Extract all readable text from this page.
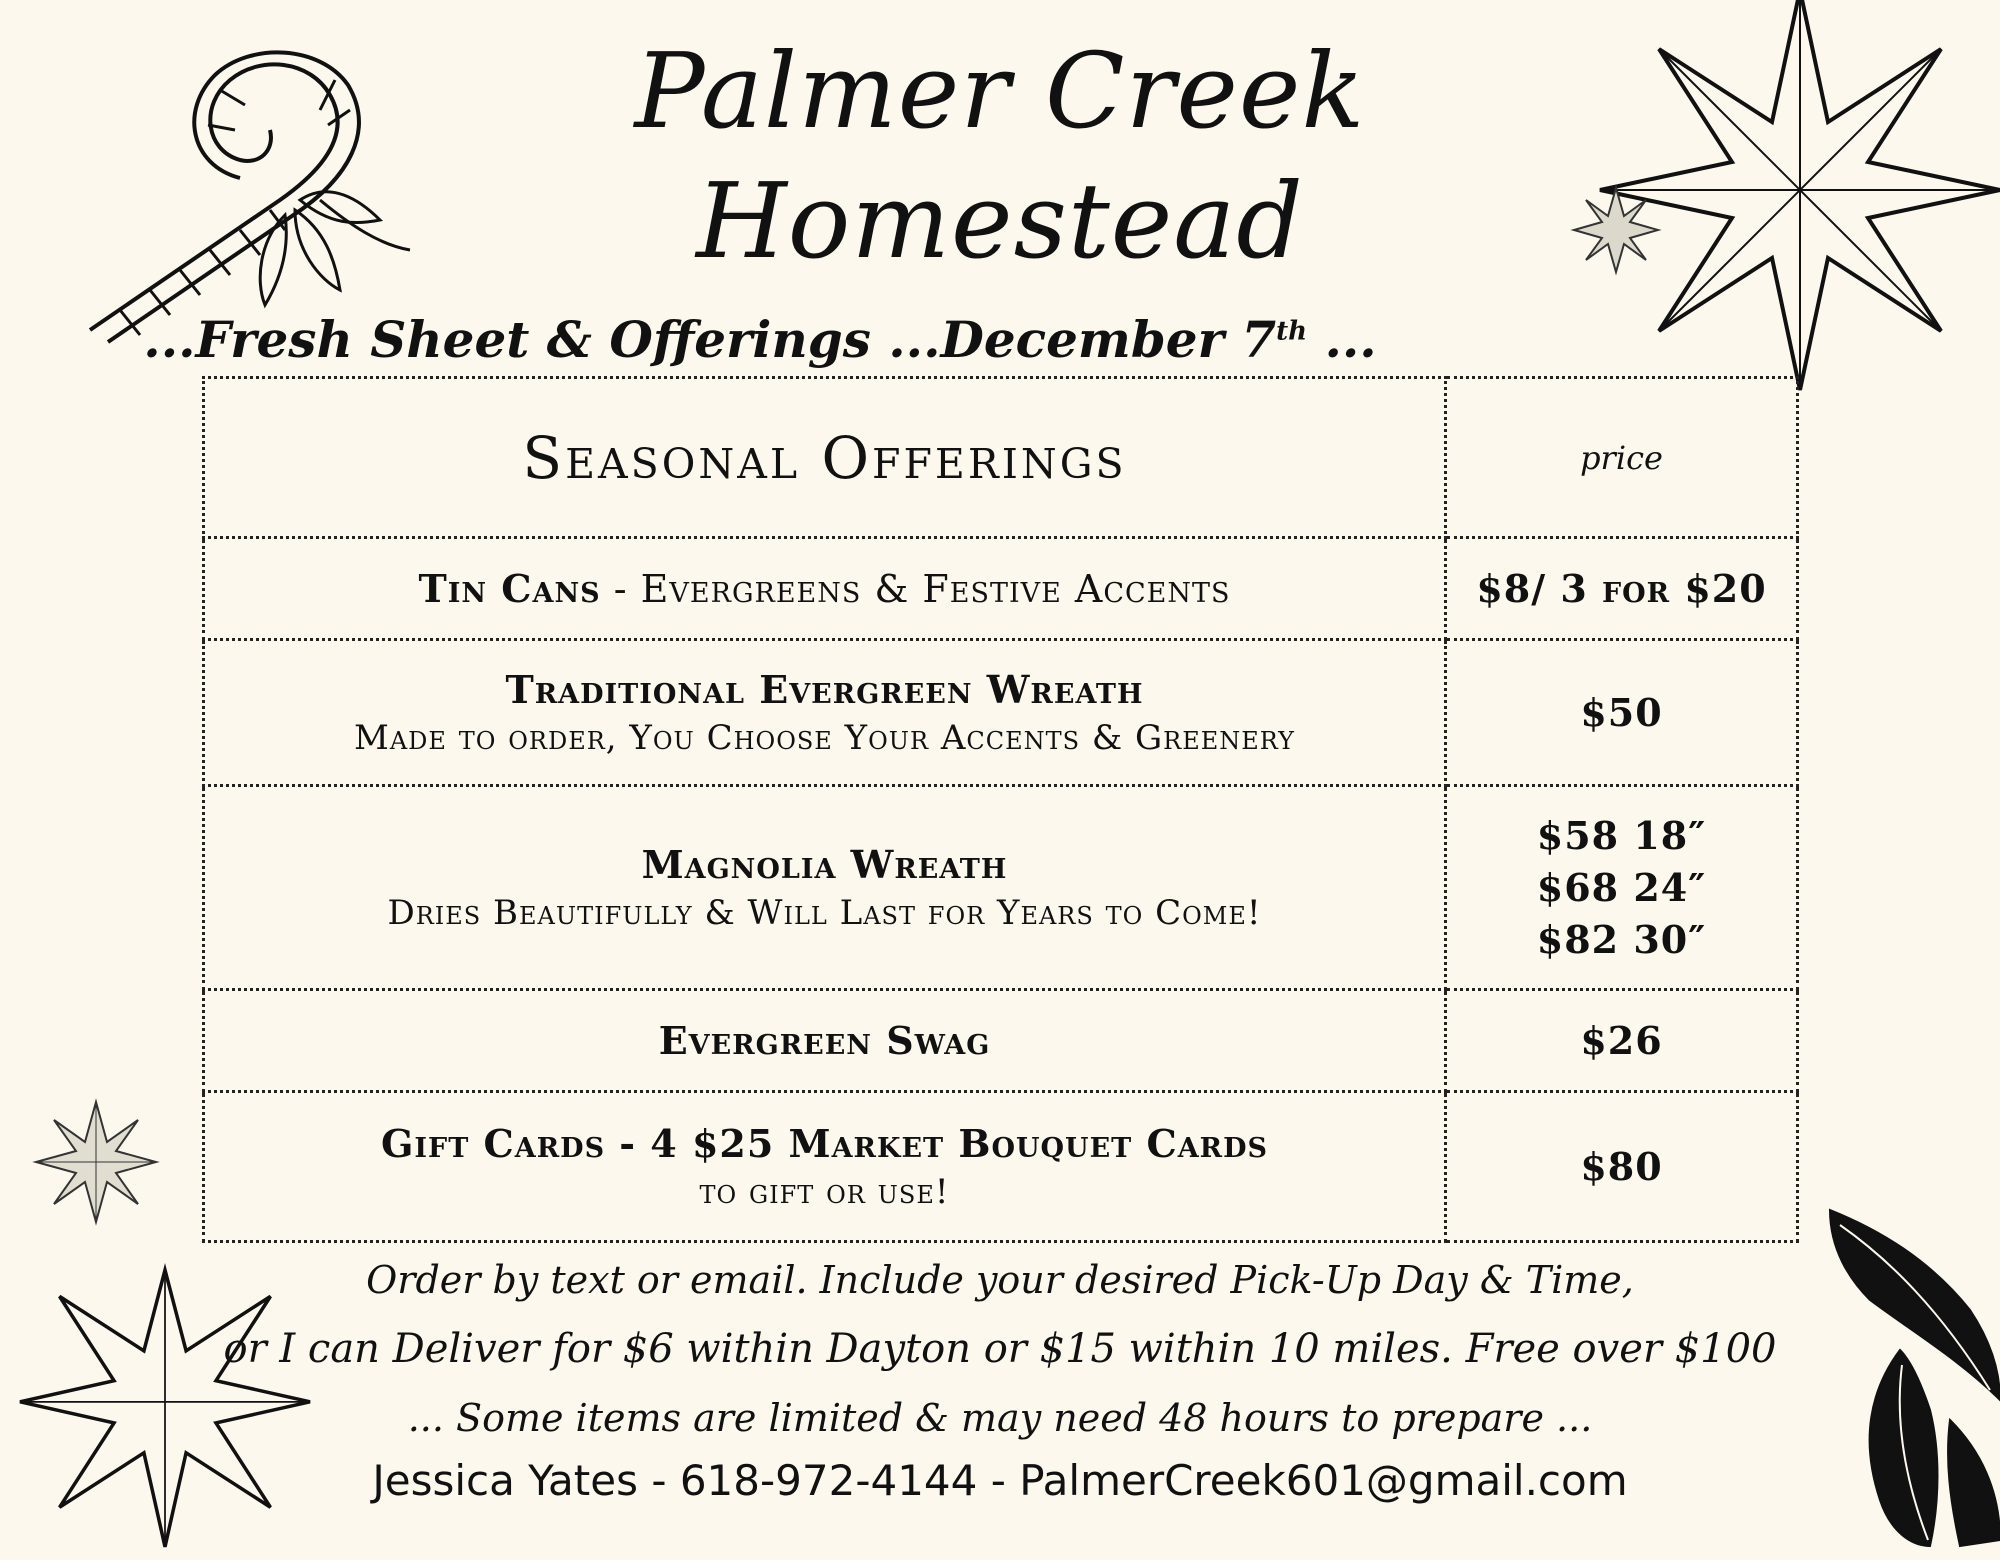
Palmer Creek
Homestead
...Fresh Sheet & Offerings ...December 7th ...
Seasonal Offerings	price
Tin Cans - Evergreens & Festive Accents	$8/ 3 for $20

Traditional Evergreen Wreath
Made to order, You Choose Your Accents & Greenery	$50

Magnolia Wreath
Dries Beautifully & Will Last for Years to Come!	$58 18″
$68 24″
$82 30″

Evergreen Swag	$26

Gift Cards - 4 $25 Market Bouquet Cards
to gift or use!	$80
Order by text or email. Include your desired Pick-Up Day & Time,
or I can Deliver for $6 within Dayton or $15 within 10 miles. Free over $100
... Some items are limited & may need 48 hours to prepare ...
Jessica Yates - 618-972-4144 - PalmerCreek601@gmail.com
